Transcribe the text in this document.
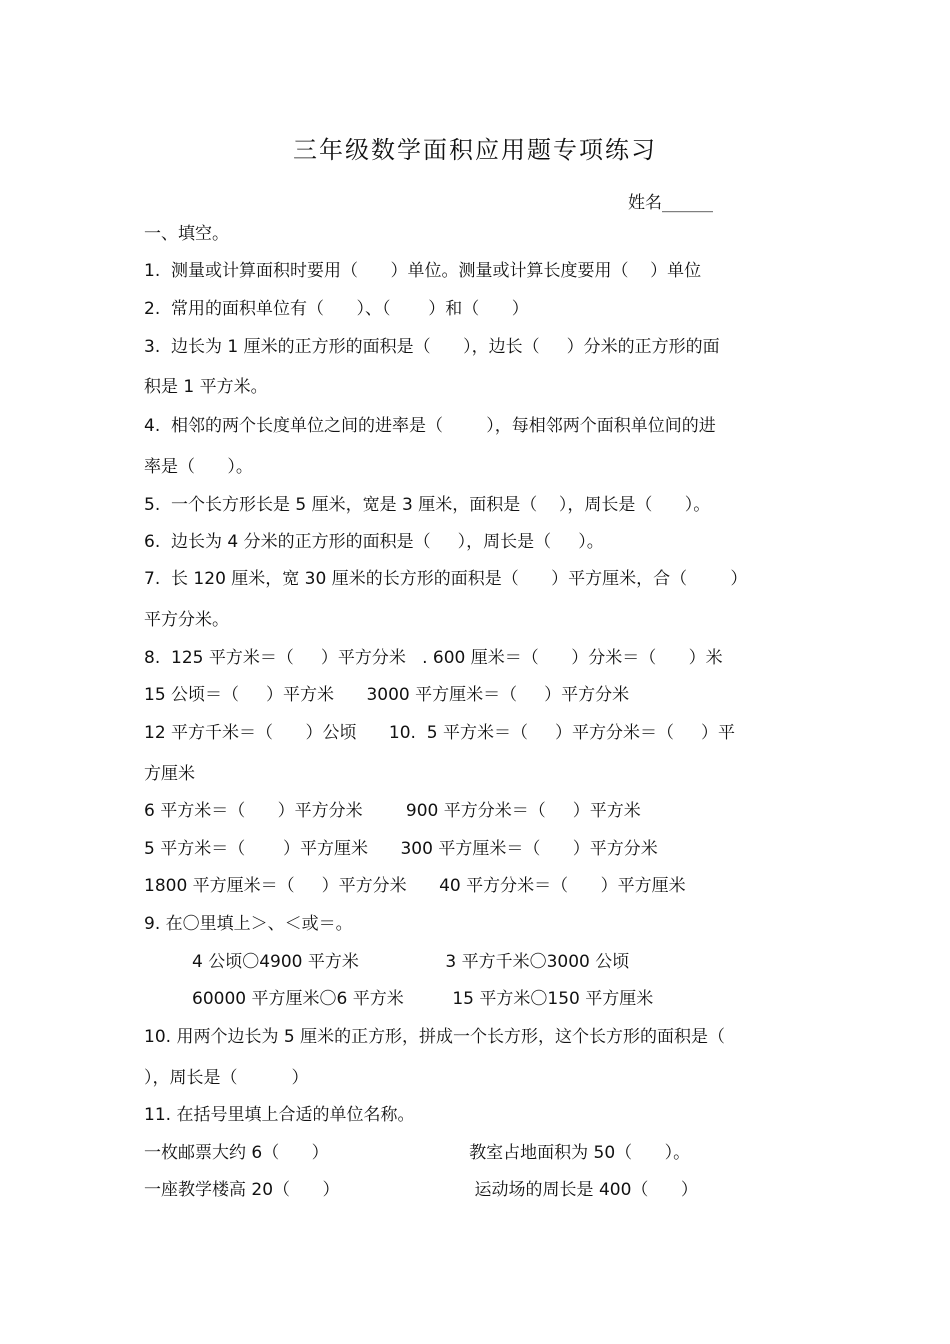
三年级数学面积应用题专项练习
姓名______
一、填空。
1.  测量或计算面积时要用（      ）单位。测量或计算长度要用（    ）单位
2.  常用的面积单位有（      ）、（       ）和（      ）
3.  边长为 1 厘米的正方形的面积是（      ），边长（     ）分米的正方形的面
积是 1 平方米。
4.  相邻的两个长度单位之间的进率是（        ），每相邻两个面积单位间的进
率是（      ）。
5.  一个长方形长是 5 厘米，宽是 3 厘米，面积是（    ），周长是（      ）。
6.  边长为 4 分米的正方形的面积是（     ），周长是（     ）。
7.  长 120 厘米，宽 30 厘米的长方形的面积是（      ）平方厘米，合（        ）
平方分米。
8.  125 平方米＝（     ）平方分米   . 600 厘米＝（      ）分米＝（      ）米
15 公顷＝（     ）平方米      3000 平方厘米＝（     ）平方分米
12 平方千米＝（      ）公顷      10.  5 平方米＝（     ）平方分米＝（     ）平
方厘米
6 平方米＝（      ）平方分米        900 平方分米＝（     ）平方米
5 平方米＝（       ）平方厘米      300 平方厘米＝（      ）平方分米
1800 平方厘米＝（     ）平方分米      40 平方分米＝（      ）平方厘米
9. 在〇里填上＞、＜或＝。
4 公顷〇4900 平方米                3 平方千米〇3000 公顷
60000 平方厘米〇6 平方米         15 平方米〇150 平方厘米
10. 用两个边长为 5 厘米的正方形，拼成一个长方形，这个长方形的面积是（
），周长是（          ）
11. 在括号里填上合适的单位名称。
一枚邮票大约 6（      ）                          教室占地面积为 50（      ）。
一座教学楼高 20（      ）                         运动场的周长是 400（      ）
